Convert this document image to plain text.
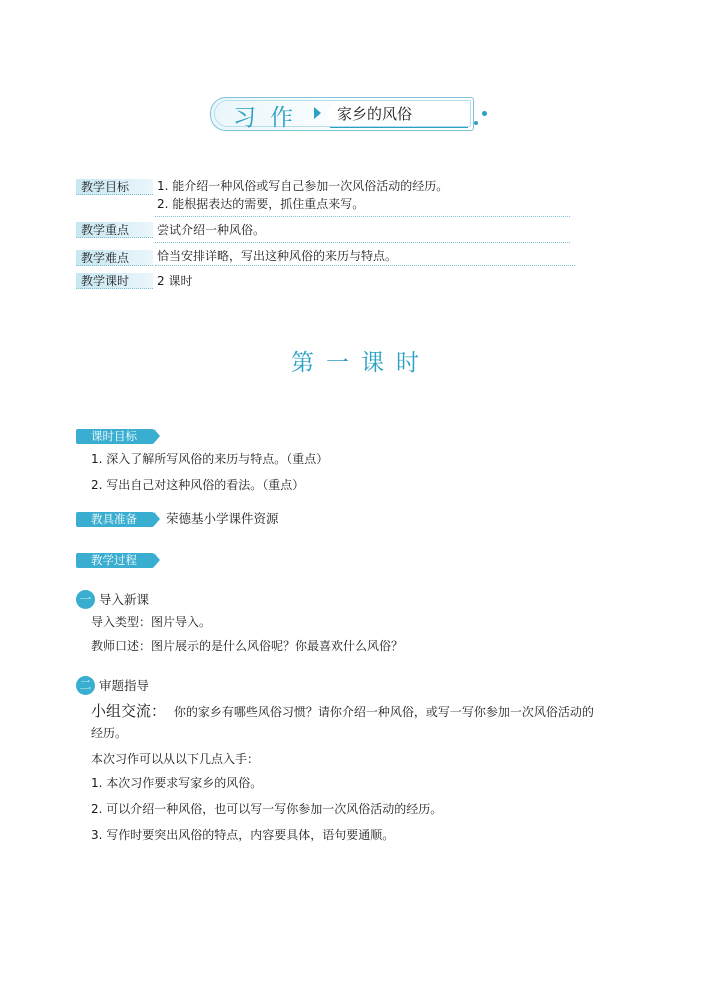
习作	家乡的风俗
教学目标	1. 能介绍一种风俗或写自己参加一次风俗活动的经历。
2. 能根据表达的需要，抓住重点来写。
教学重点	尝试介绍一种风俗。
教学难点	恰当安排详略，写出这种风俗的来历与特点。
教学课时	2 课时
第一课时
课时目标
1. 深入了解所写风俗的来历与特点。（重点）
2. 写出自己对这种风俗的看法。（重点）
教具准备	荣德基小学课件资源
教学过程
一 导入新课
导入类型：图片导入。
教师口述：图片展示的是什么风俗呢？你最喜欢什么风俗？
二 审题指导
小组交流： 你的家乡有哪些风俗习惯？请你介绍一种风俗，或写一写你参加一次风俗活动的
经历。
本次习作可以从以下几点入手：
1. 本次习作要求写家乡的风俗。
2. 可以介绍一种风俗，也可以写一写你参加一次风俗活动的经历。
3. 写作时要突出风俗的特点，内容要具体，语句要通顺。
